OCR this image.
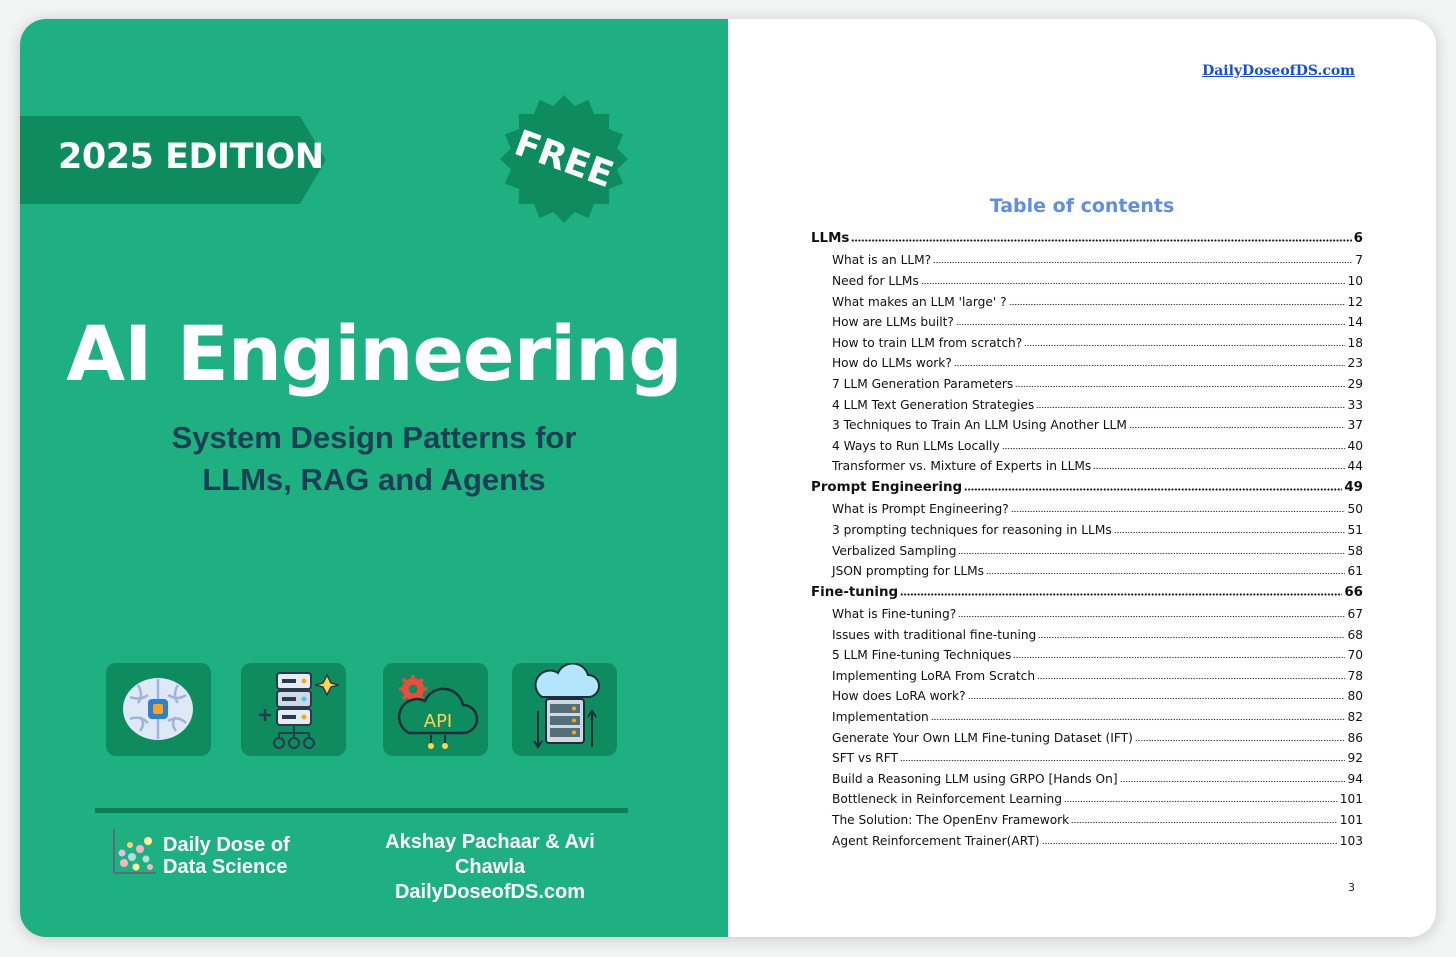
2025 EDITION	FREE
AI Engineering
System Design Patterns for
LLMs, RAG and Agents
API
Daily Dose of
Data Science
Akshay Pachaar & Avi Chawla
DailyDoseofDS.com
DailyDoseofDS.com
Table of contents
LLMs	6
What is an LLM?	7
Need for LLMs	10
What makes an LLM 'large' ?	12
How are LLMs built?	14
How to train LLM from scratch?	18
How do LLMs work?	23
7 LLM Generation Parameters	29
4 LLM Text Generation Strategies	33
3 Techniques to Train An LLM Using Another LLM	37
4 Ways to Run LLMs Locally	40
Transformer vs. Mixture of Experts in LLMs	44
Prompt Engineering	49
What is Prompt Engineering?	50
3 prompting techniques for reasoning in LLMs	51
Verbalized Sampling	58
JSON prompting for LLMs	61
Fine-tuning	66
What is Fine-tuning?	67
Issues with traditional fine-tuning	68
5 LLM Fine-tuning Techniques	70
Implementing LoRA From Scratch	78
How does LoRA work?	80
Implementation	82
Generate Your Own LLM Fine-tuning Dataset (IFT)	86
SFT vs RFT	92
Build a Reasoning LLM using GRPO [Hands On]	94
Bottleneck in Reinforcement Learning	101
The Solution: The OpenEnv Framework	101
Agent Reinforcement Trainer(ART)	103
3
